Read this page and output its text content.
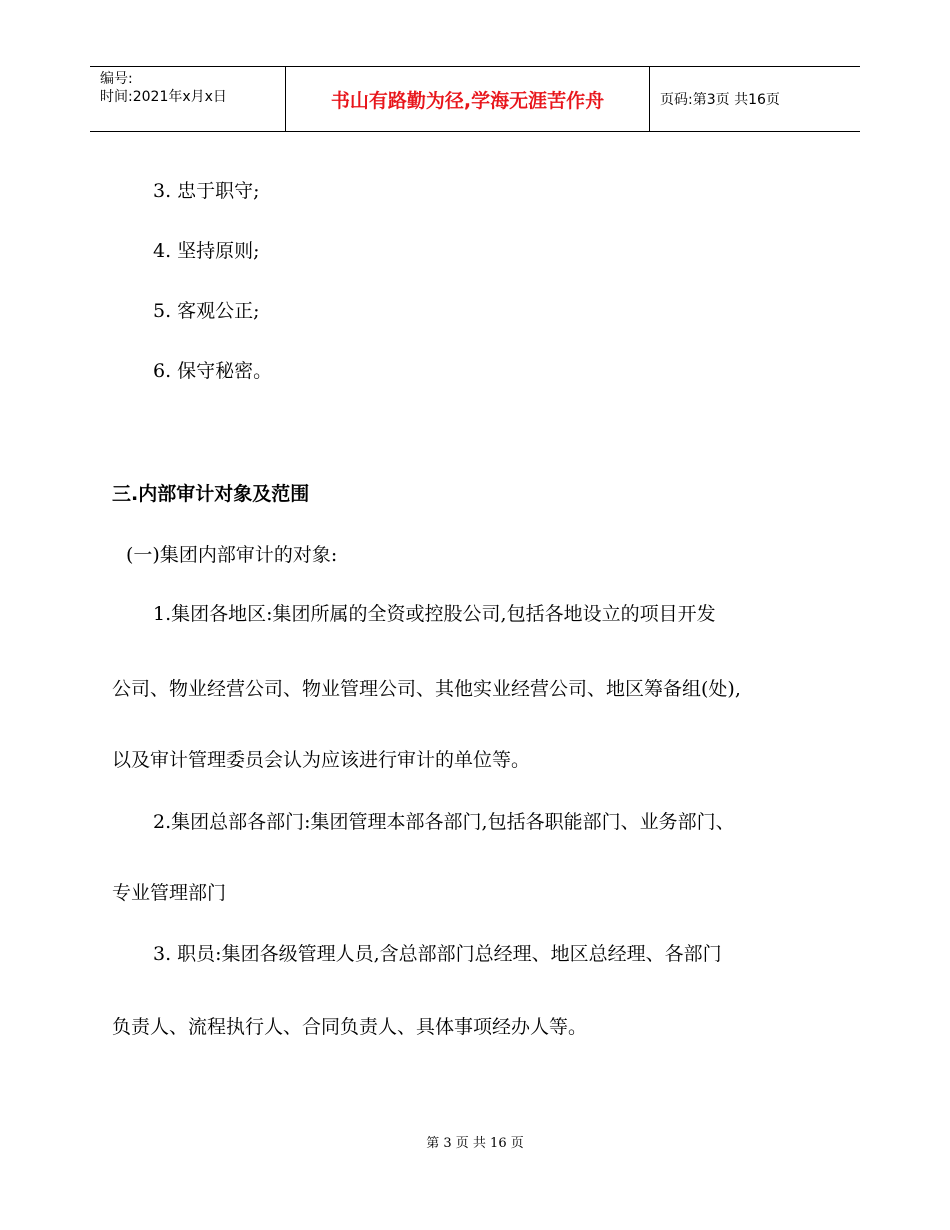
编号:
时间:2021年x月x日	书山有路勤为径,学海无涯苦作舟	页码:第3页 共16页
3. 忠于职守;
4. 坚持原则;
5. 客观公正;
6. 保守秘密。
三.内部审计对象及范围
(一)集团内部审计的对象:
1.集团各地区:集团所属的全资或控股公司,包括各地设立的项目开发
公司、物业经营公司、物业管理公司、其他实业经营公司、地区筹备组(处),
以及审计管理委员会认为应该进行审计的单位等。
2.集团总部各部门:集团管理本部各部门,包括各职能部门、业务部门、
专业管理部门
3. 职员:集团各级管理人员,含总部部门总经理、地区总经理、各部门
负责人、流程执行人、合同负责人、具体事项经办人等。
第 3 页 共 16 页
